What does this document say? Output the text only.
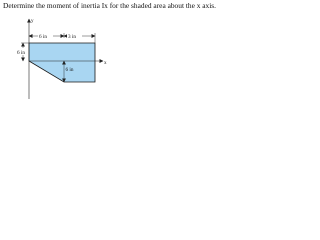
Determine the moment of inertia Ix for the shaded area about the x axis.
y
x
6 in	3 in
6 in
6 in
